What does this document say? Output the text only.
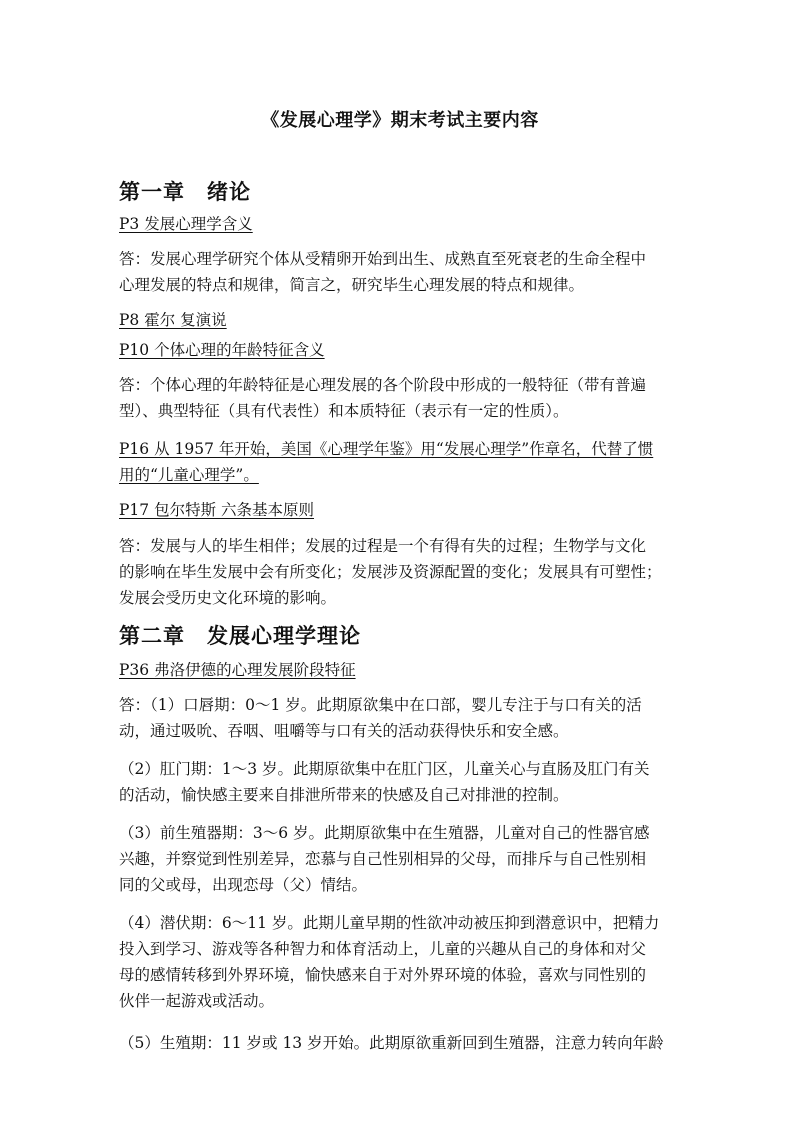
《发展心理学》期末考试主要内容
第一章　绪论
P3 发展心理学含义
答：发展心理学研究个体从受精卵开始到出生、成熟直至死衰老的生命全程中
心理发展的特点和规律，简言之，研究毕生心理发展的特点和规律。
P8 霍尔 复演说
P10 个体心理的年龄特征含义
答：个体心理的年龄特征是心理发展的各个阶段中形成的一般特征（带有普遍
型）、典型特征（具有代表性）和本质特征（表示有一定的性质）。
P16 从 1957 年开始，美国《心理学年鉴》用“发展心理学”作章名，代替了惯
用的“儿童心理学”。
P17 包尔特斯 六条基本原则
答：发展与人的毕生相伴；发展的过程是一个有得有失的过程；生物学与文化
的影响在毕生发展中会有所变化；发展涉及资源配置的变化；发展具有可塑性；
发展会受历史文化环境的影响。
第二章　发展心理学理论
P36 弗洛伊德的心理发展阶段特征
答：（1）口唇期：0～1 岁。此期原欲集中在口部，婴儿专注于与口有关的活
动，通过吸吮、吞咽、咀嚼等与口有关的活动获得快乐和安全感。
（2）肛门期：1～3 岁。此期原欲集中在肛门区，儿童关心与直肠及肛门有关
的活动，愉快感主要来自排泄所带来的快感及自己对排泄的控制。
（3）前生殖器期：3～6 岁。此期原欲集中在生殖器，儿童对自己的性器官感
兴趣，并察觉到性别差异，恋慕与自己性别相异的父母，而排斥与自己性别相
同的父或母，出现恋母（父）情结。
（4）潜伏期：6～11 岁。此期儿童早期的性欲冲动被压抑到潜意识中，把精力
投入到学习、游戏等各种智力和体育活动上，儿童的兴趣从自己的身体和对父
母的感情转移到外界环境，愉快感来自于对外界环境的体验，喜欢与同性别的
伙伴一起游戏或活动。
（5）生殖期：11 岁或 13 岁开始。此期原欲重新回到生殖器，注意力转向年龄
